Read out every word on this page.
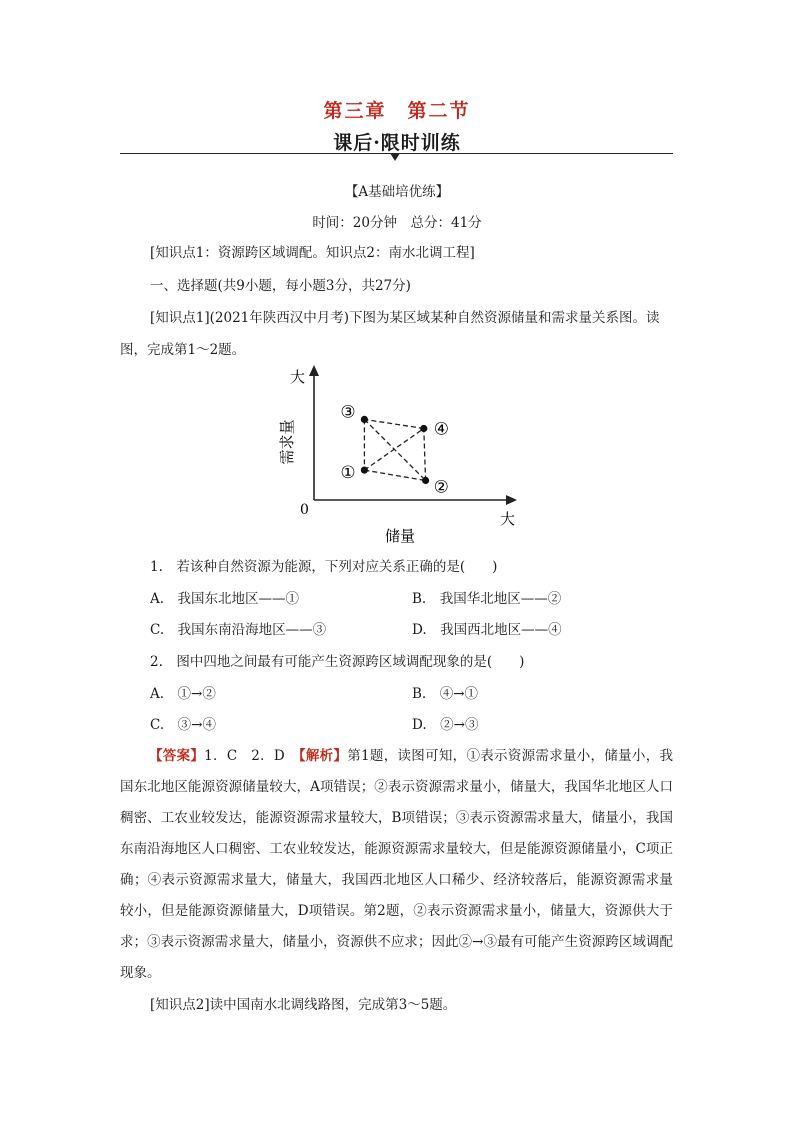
第三章　第二节
课后·限时训练
【A基础培优练】
时间：20分钟　总分：41分
[知识点1：资源跨区域调配。知识点2：南水北调工程]
一、选择题(共9小题，每小题3分，共27分)
[知识点1](2021年陕西汉中月考)下图为某区域某种自然资源储量和需求量关系图。读
图，完成第1～2题。
大
大
0
储量
需求量
①
②
③
④
1.　若该种自然资源为能源，下列对应关系正确的是(　　)
A.　我国东北地区——①	B.　我国华北地区——②
C.　我国东南沿海地区——③	D.　我国西北地区——④
2.　图中四地之间最有可能产生资源跨区域调配现象的是(　　)
A.　①→②	B.　④→①
C.　③→④	D.　②→③
【答案】1．C　2．D　【解析】第1题，读图可知，①表示资源需求量小，储量小，我国东北地区能源资源储量较大，A项错误；②表示资源需求量小，储量大，我国华北地区人口稠密、工农业较发达，能源资源需求量较大，B项错误；③表示资源需求量大，储量小，我国东南沿海地区人口稠密、工农业较发达，能源资源需求量较大，但是能源资源储量小，C项正确；④表示资源需求量大，储量大，我国西北地区人口稀少、经济较落后，能源资源需求量较小，但是能源资源储量大，D项错误。第2题，②表示资源需求量小，储量大，资源供大于求；③表示资源需求量大，储量小，资源供不应求；因此②→③最有可能产生资源跨区域调配现象。
[知识点2]读中国南水北调线路图，完成第3～5题。
